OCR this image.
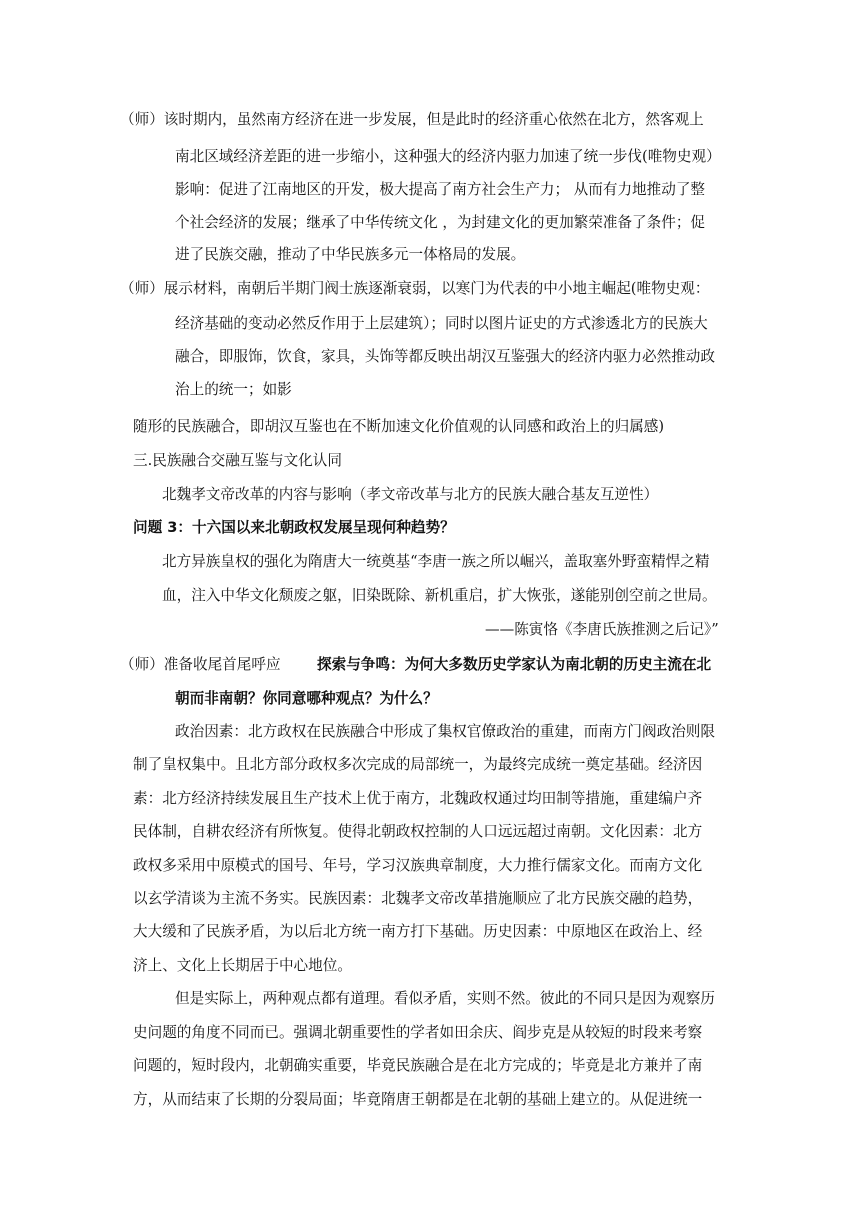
（师）该时期内，虽然南方经济在进一步发展，但是此时的经济重心依然在北方，然客观上
南北区域经济差距的进一步缩小，这种强大的经济内驱力加速了统一步伐(唯物史观）
影响：促进了江南地区的开发，极大提高了南方社会生产力； 从而有力地推动了整
个社会经济的发展；继承了中华传统文化 ，为封建文化的更加繁荣准备了条件；促
进了民族交融，推动了中华民族多元一体格局的发展。
（师）展示材料，南朝后半期门阀士族逐渐衰弱，以寒门为代表的中小地主崛起(唯物史观：
经济基础的变动必然反作用于上层建筑）；同时以图片证史的方式渗透北方的民族大
融合，即服饰，饮食，家具，头饰等都反映出胡汉互鉴强大的经济内驱力必然推动政
治上的统一；如影
随形的民族融合，即胡汉互鉴也在不断加速文化价值观的认同感和政治上的归属感)
三.民族融合交融互鉴与文化认同
北魏孝文帝改革的内容与影响（孝文帝改革与北方的民族大融合基友互逆性）
问题 3：十六国以来北朝政权发展呈现何种趋势？
北方异族皇权的强化为隋唐大一统奠基“李唐一族之所以崛兴，盖取塞外野蛮精悍之精
血，注入中华文化颓废之躯，旧染既除、新机重启，扩大恢张，遂能别创空前之世局。
——陈寅恪《李唐氏族推测之后记》”
（师）准备收尾首尾呼应 探索与争鸣：为何大多数历史学家认为南北朝的历史主流在北
朝而非南朝？你同意哪种观点？为什么？
政治因素：北方政权在民族融合中形成了集权官僚政治的重建，而南方门阀政治则限
制了皇权集中。且北方部分政权多次完成的局部统一，为最终完成统一奠定基础。经济因
素：北方经济持续发展且生产技术上优于南方，北魏政权通过均田制等措施，重建编户齐
民体制，自耕农经济有所恢复。使得北朝政权控制的人口远远超过南朝。文化因素：北方
政权多采用中原模式的国号、年号，学习汉族典章制度，大力推行儒家文化。而南方文化
以玄学清谈为主流不务实。民族因素：北魏孝文帝改革措施顺应了北方民族交融的趋势，
大大缓和了民族矛盾，为以后北方统一南方打下基础。历史因素：中原地区在政治上、经
济上、文化上长期居于中心地位。
但是实际上，两种观点都有道理。看似矛盾，实则不然。彼此的不同只是因为观察历
史问题的角度不同而已。强调北朝重要性的学者如田余庆、阎步克是从较短的时段来考察
问题的，短时段内，北朝确实重要，毕竟民族融合是在北方完成的；毕竟是北方兼并了南
方，从而结束了长期的分裂局面；毕竟隋唐王朝都是在北朝的基础上建立的。从促进统一
